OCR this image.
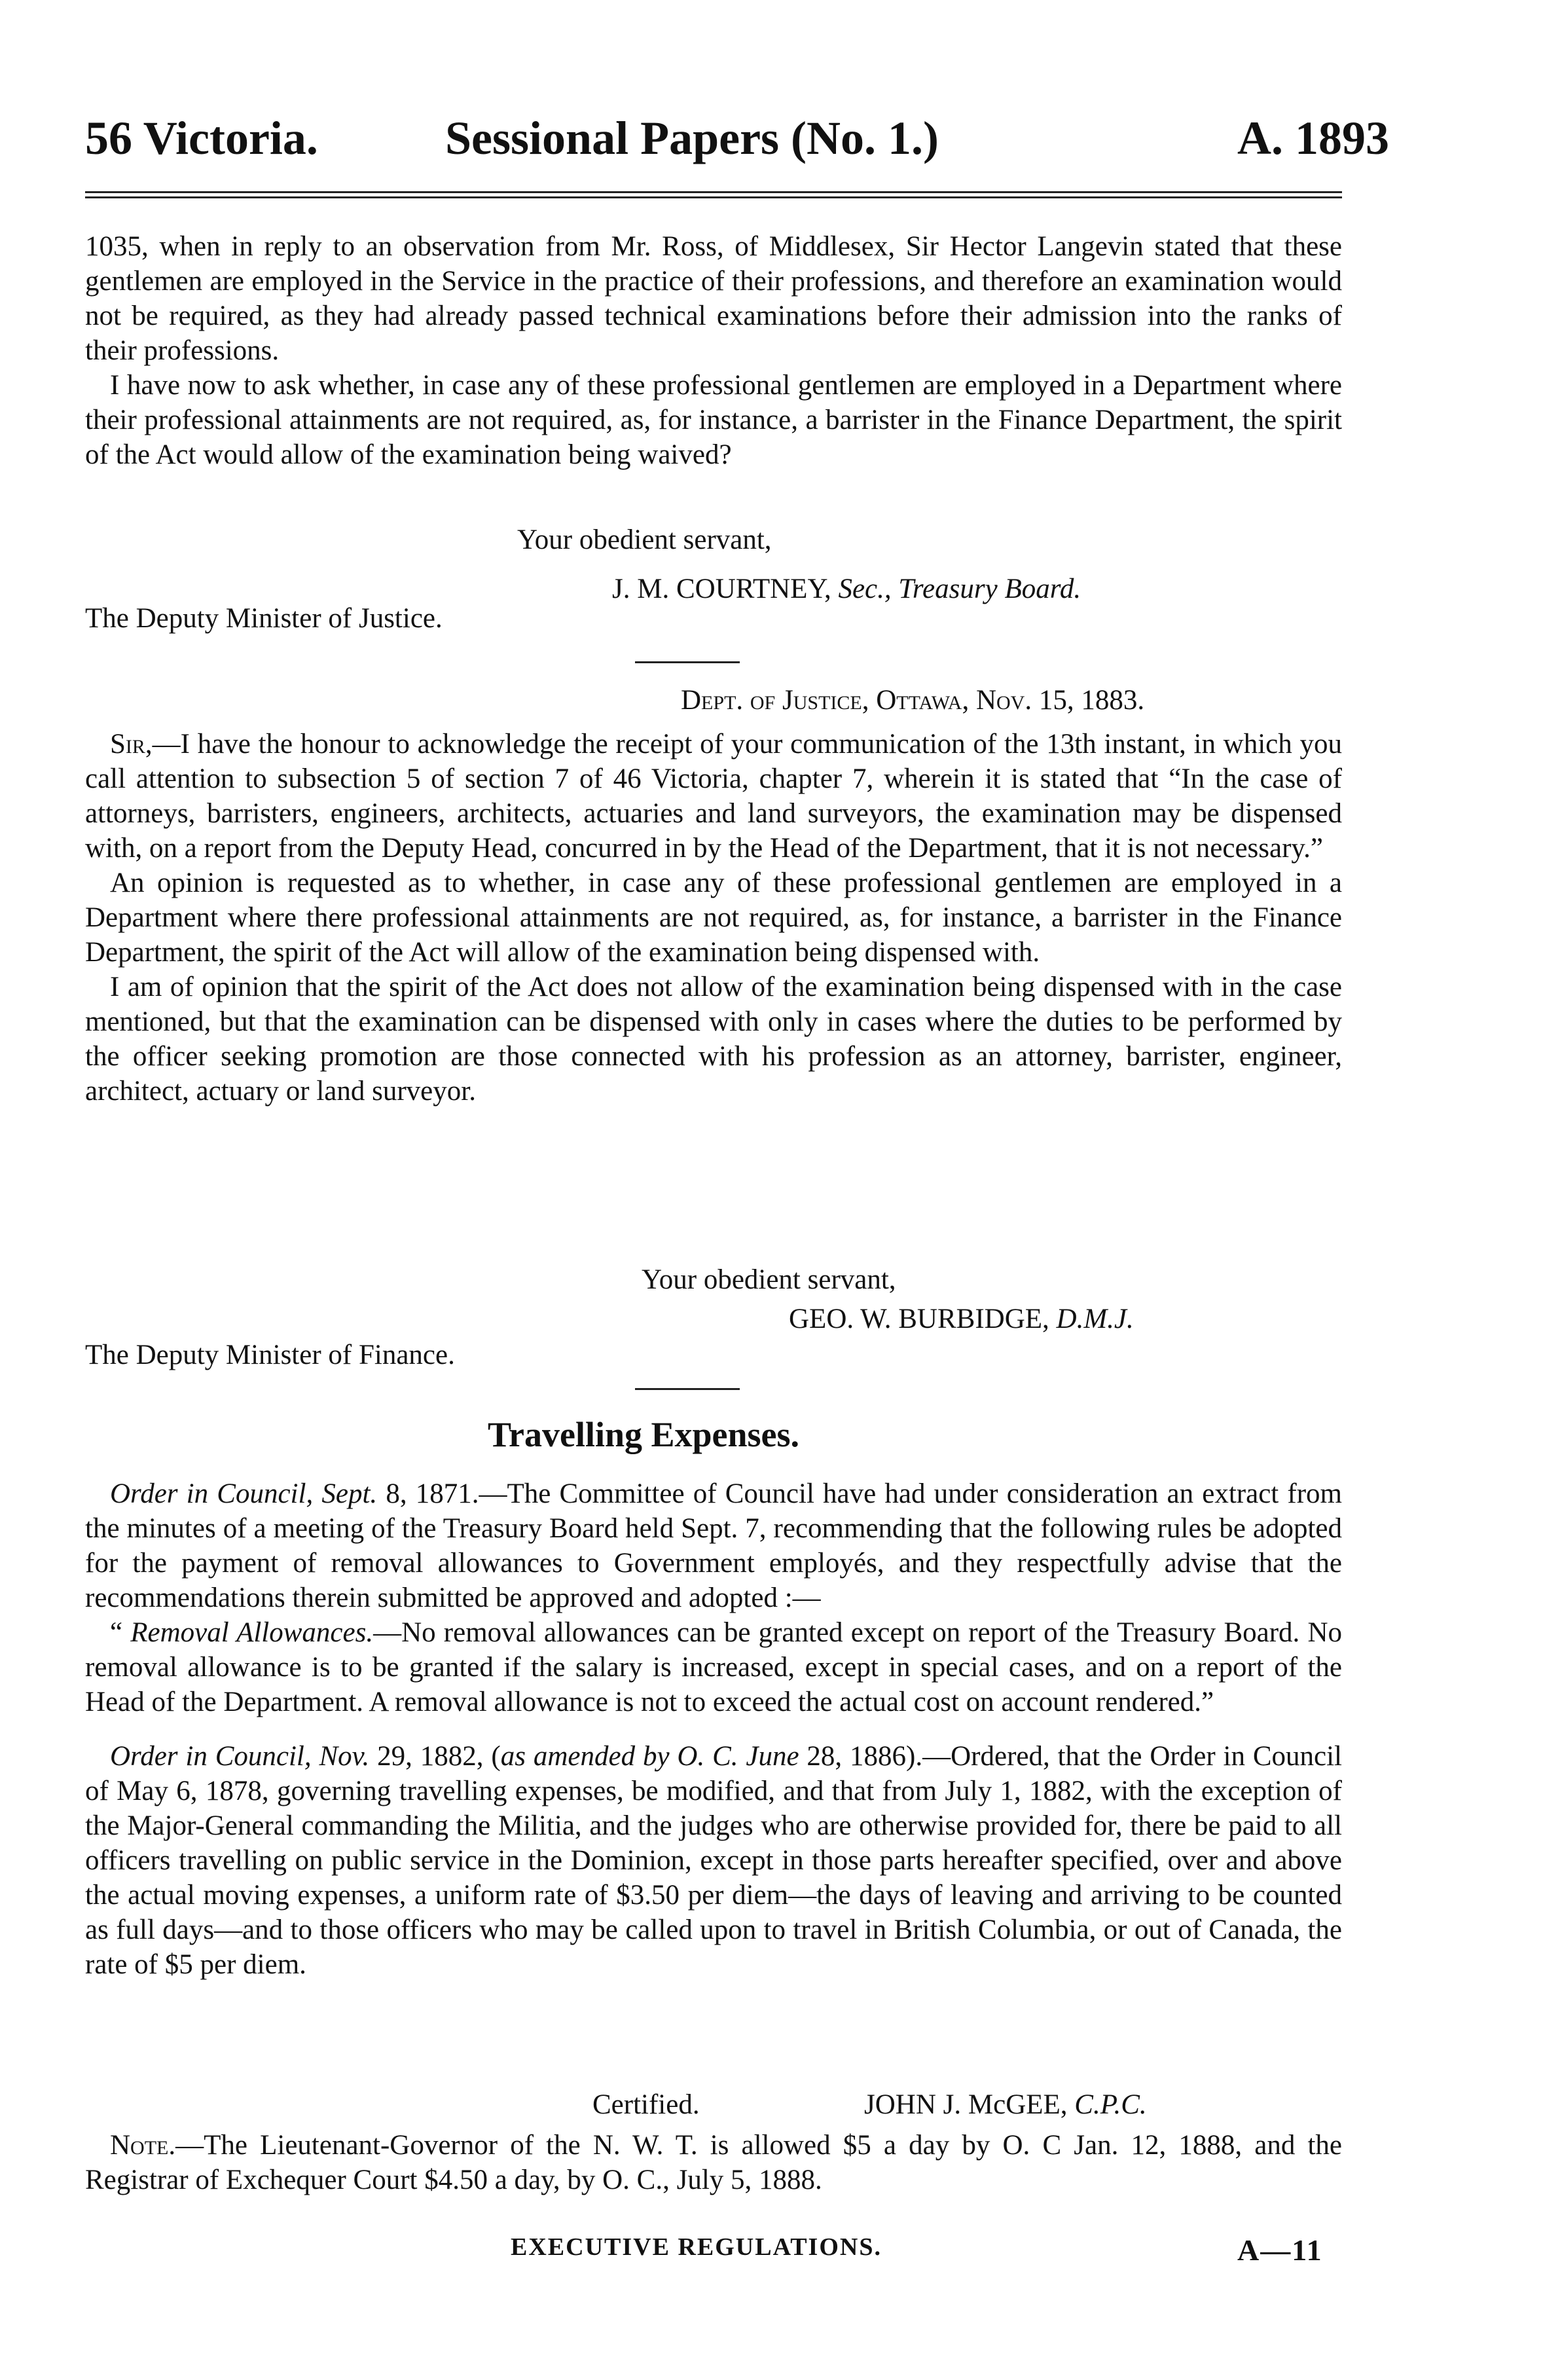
56 Victoria.	Sessional Papers (No. 1.)	A. 1893

1035, when in reply to an observation from Mr. Ross, of Middlesex, Sir Hector Langevin stated that these gentlemen are employed in the Service in the practice of their professions, and therefore an examination would not be required, as they had already passed technical examinations before their admission into the ranks of their professions.

I have now to ask whether, in case any of these professional gentlemen are employed in a Department where their professional attainments are not required, as, for instance, a barrister in the Finance Department, the spirit of the Act would allow of the examination being waived?

Your obedient servant,
J. M. COURTNEY, Sec., Treasury Board.
The Deputy Minister of Justice.
Dept. of Justice, Ottawa, Nov. 15, 1883.

Sir,—I have the honour to acknowledge the receipt of your communication of the 13th instant, in which you call attention to subsection 5 of section 7 of 46 Victoria, chapter 7, wherein it is stated that “In the case of attorneys, barristers, engineers, architects, actuaries and land surveyors, the examination may be dispensed with, on a report from the Deputy Head, concurred in by the Head of the Department, that it is not necessary.”

An opinion is requested as to whether, in case any of these professional gentlemen are employed in a Department where there professional attainments are not required, as, for instance, a barrister in the Finance Department, the spirit of the Act will allow of the examination being dispensed with.

I am of opinion that the spirit of the Act does not allow of the examination being dispensed with in the case mentioned, but that the examination can be dispensed with only in cases where the duties to be performed by the officer seeking promotion are those connected with his profession as an attorney, barrister, engineer, architect, actuary or land surveyor.

Your obedient servant,
GEO. W. BURBIDGE, D.M.J.
The Deputy Minister of Finance.
Travelling Expenses.

Order in Council, Sept. 8, 1871.—The Committee of Council have had under consideration an extract from the minutes of a meeting of the Treasury Board held Sept. 7, recommending that the following rules be adopted for the payment of removal allowances to Government employés, and they respectfully advise that the recommendations therein submitted be approved and adopted :—

“ Removal Allowances.—No removal allowances can be granted except on report of the Treasury Board. No removal allowance is to be granted if the salary is increased, except in special cases, and on a report of the Head of the Department. A removal allowance is not to exceed the actual cost on account rendered.”

Order in Council, Nov. 29, 1882, (as amended by O. C. June 28, 1886).—Ordered, that the Order in Council of May 6, 1878, governing travelling expenses, be modified, and that from July 1, 1882, with the exception of the Major-General commanding the Militia, and the judges who are otherwise provided for, there be paid to all officers travelling on public service in the Dominion, except in those parts hereafter specified, over and above the actual moving expenses, a uniform rate of $3.50 per diem—the days of leaving and arriving to be counted as full days—and to those officers who may be called upon to travel in British Columbia, or out of Canada, the rate of $5 per diem.

Certified.	JOHN J. McGEE, C.P.C.

Note.—The Lieutenant-Governor of the N. W. T. is allowed $5 a day by O. C Jan. 12, 1888, and the Registrar of Exchequer Court $4.50 a day, by O. C., July 5, 1888.

EXECUTIVE REGULATIONS.	A—11
